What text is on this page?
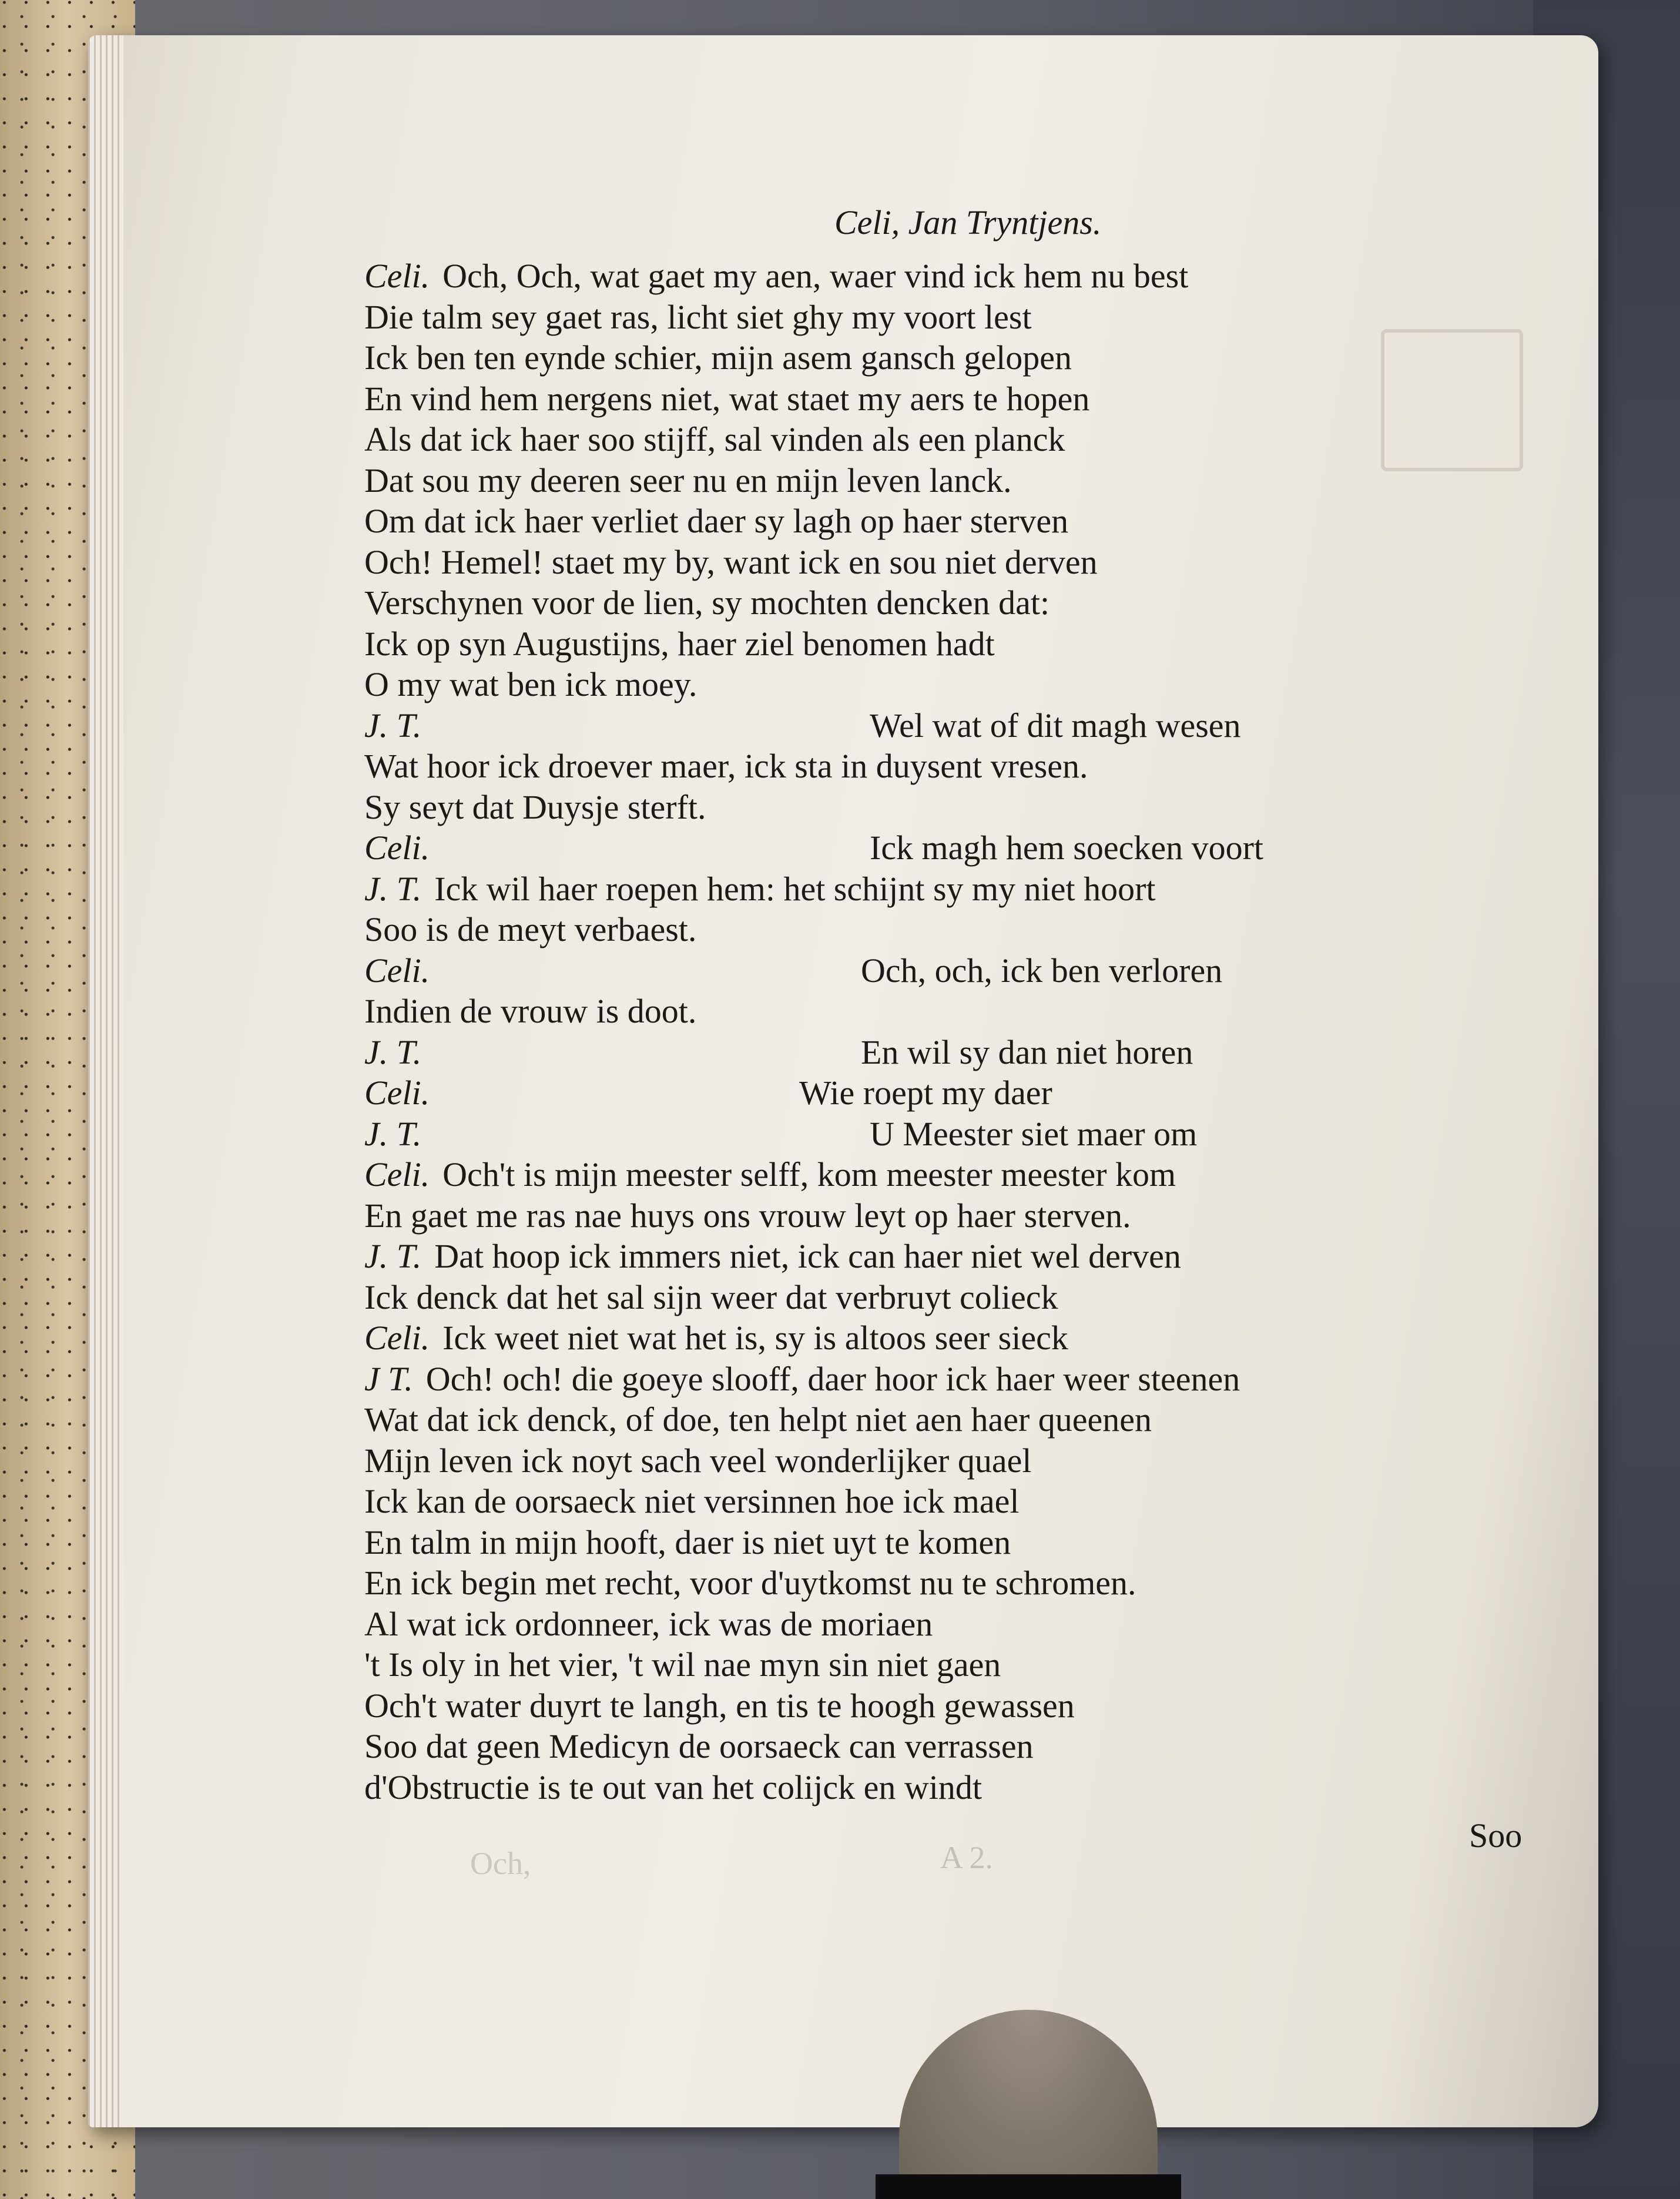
Celi, Jan Tryntjens.
Celi. Och, Och, wat gaet my aen, waer vind ick hem nu best
Die talm sey gaet ras, licht siet ghy my voort lest
Ick ben ten eynde schier, mijn asem gansch gelopen
En vind hem nergens niet, wat staet my aers te hopen
Als dat ick haer soo stijff, sal vinden als een planck
Dat sou my deeren seer nu en mijn leven lanck.
Om dat ick haer verliet daer sy lagh op haer sterven
Och! Hemel! staet my by, want ick en sou niet derven
Verschynen voor de lien, sy mochten dencken dat:
Ick op syn Augustijns, haer ziel benomen hadt
O my wat ben ick moey.
J. T.	Wel wat of dit magh wesen
Wat hoor ick droever maer, ick sta in duysent vresen.
Sy seyt dat Duysje sterft.
Celi.	Ick magh hem soecken voort
J. T. Ick wil haer roepen hem: het schijnt sy my niet hoort
Soo is de meyt verbaest.
Celi.	Och, och, ick ben verloren
Indien de vrouw is doot.
J. T.	En wil sy dan niet horen
Celi.	Wie roept my daer
J. T.	U Meester siet maer om
Celi. Och't is mijn meester selff, kom meester meester kom
En gaet me ras nae huys ons vrouw leyt op haer sterven.
J. T. Dat hoop ick immers niet, ick can haer niet wel derven
Ick denck dat het sal sijn weer dat verbruyt colieck
Celi. Ick weet niet wat het is, sy is altoos seer sieck
J T. Och! och! die goeye slooff, daer hoor ick haer weer steenen
Wat dat ick denck, of doe, ten helpt niet aen haer queenen
Mijn leven ick noyt sach veel wonderlijker quael
Ick kan de oorsaeck niet versinnen hoe ick mael
En talm in mijn hooft, daer is niet uyt te komen
En ick begin met recht, voor d'uytkomst nu te schromen.
Al wat ick ordonneer, ick was de moriaen
't Is oly in het vier, 't wil nae myn sin niet gaen
Och't water duyrt te langh, en tis te hoogh gewassen
Soo dat geen Medicyn de oorsaeck can verrassen
d'Obstructie is te out van het colijck en windt
Och,	A 2.
Soo
